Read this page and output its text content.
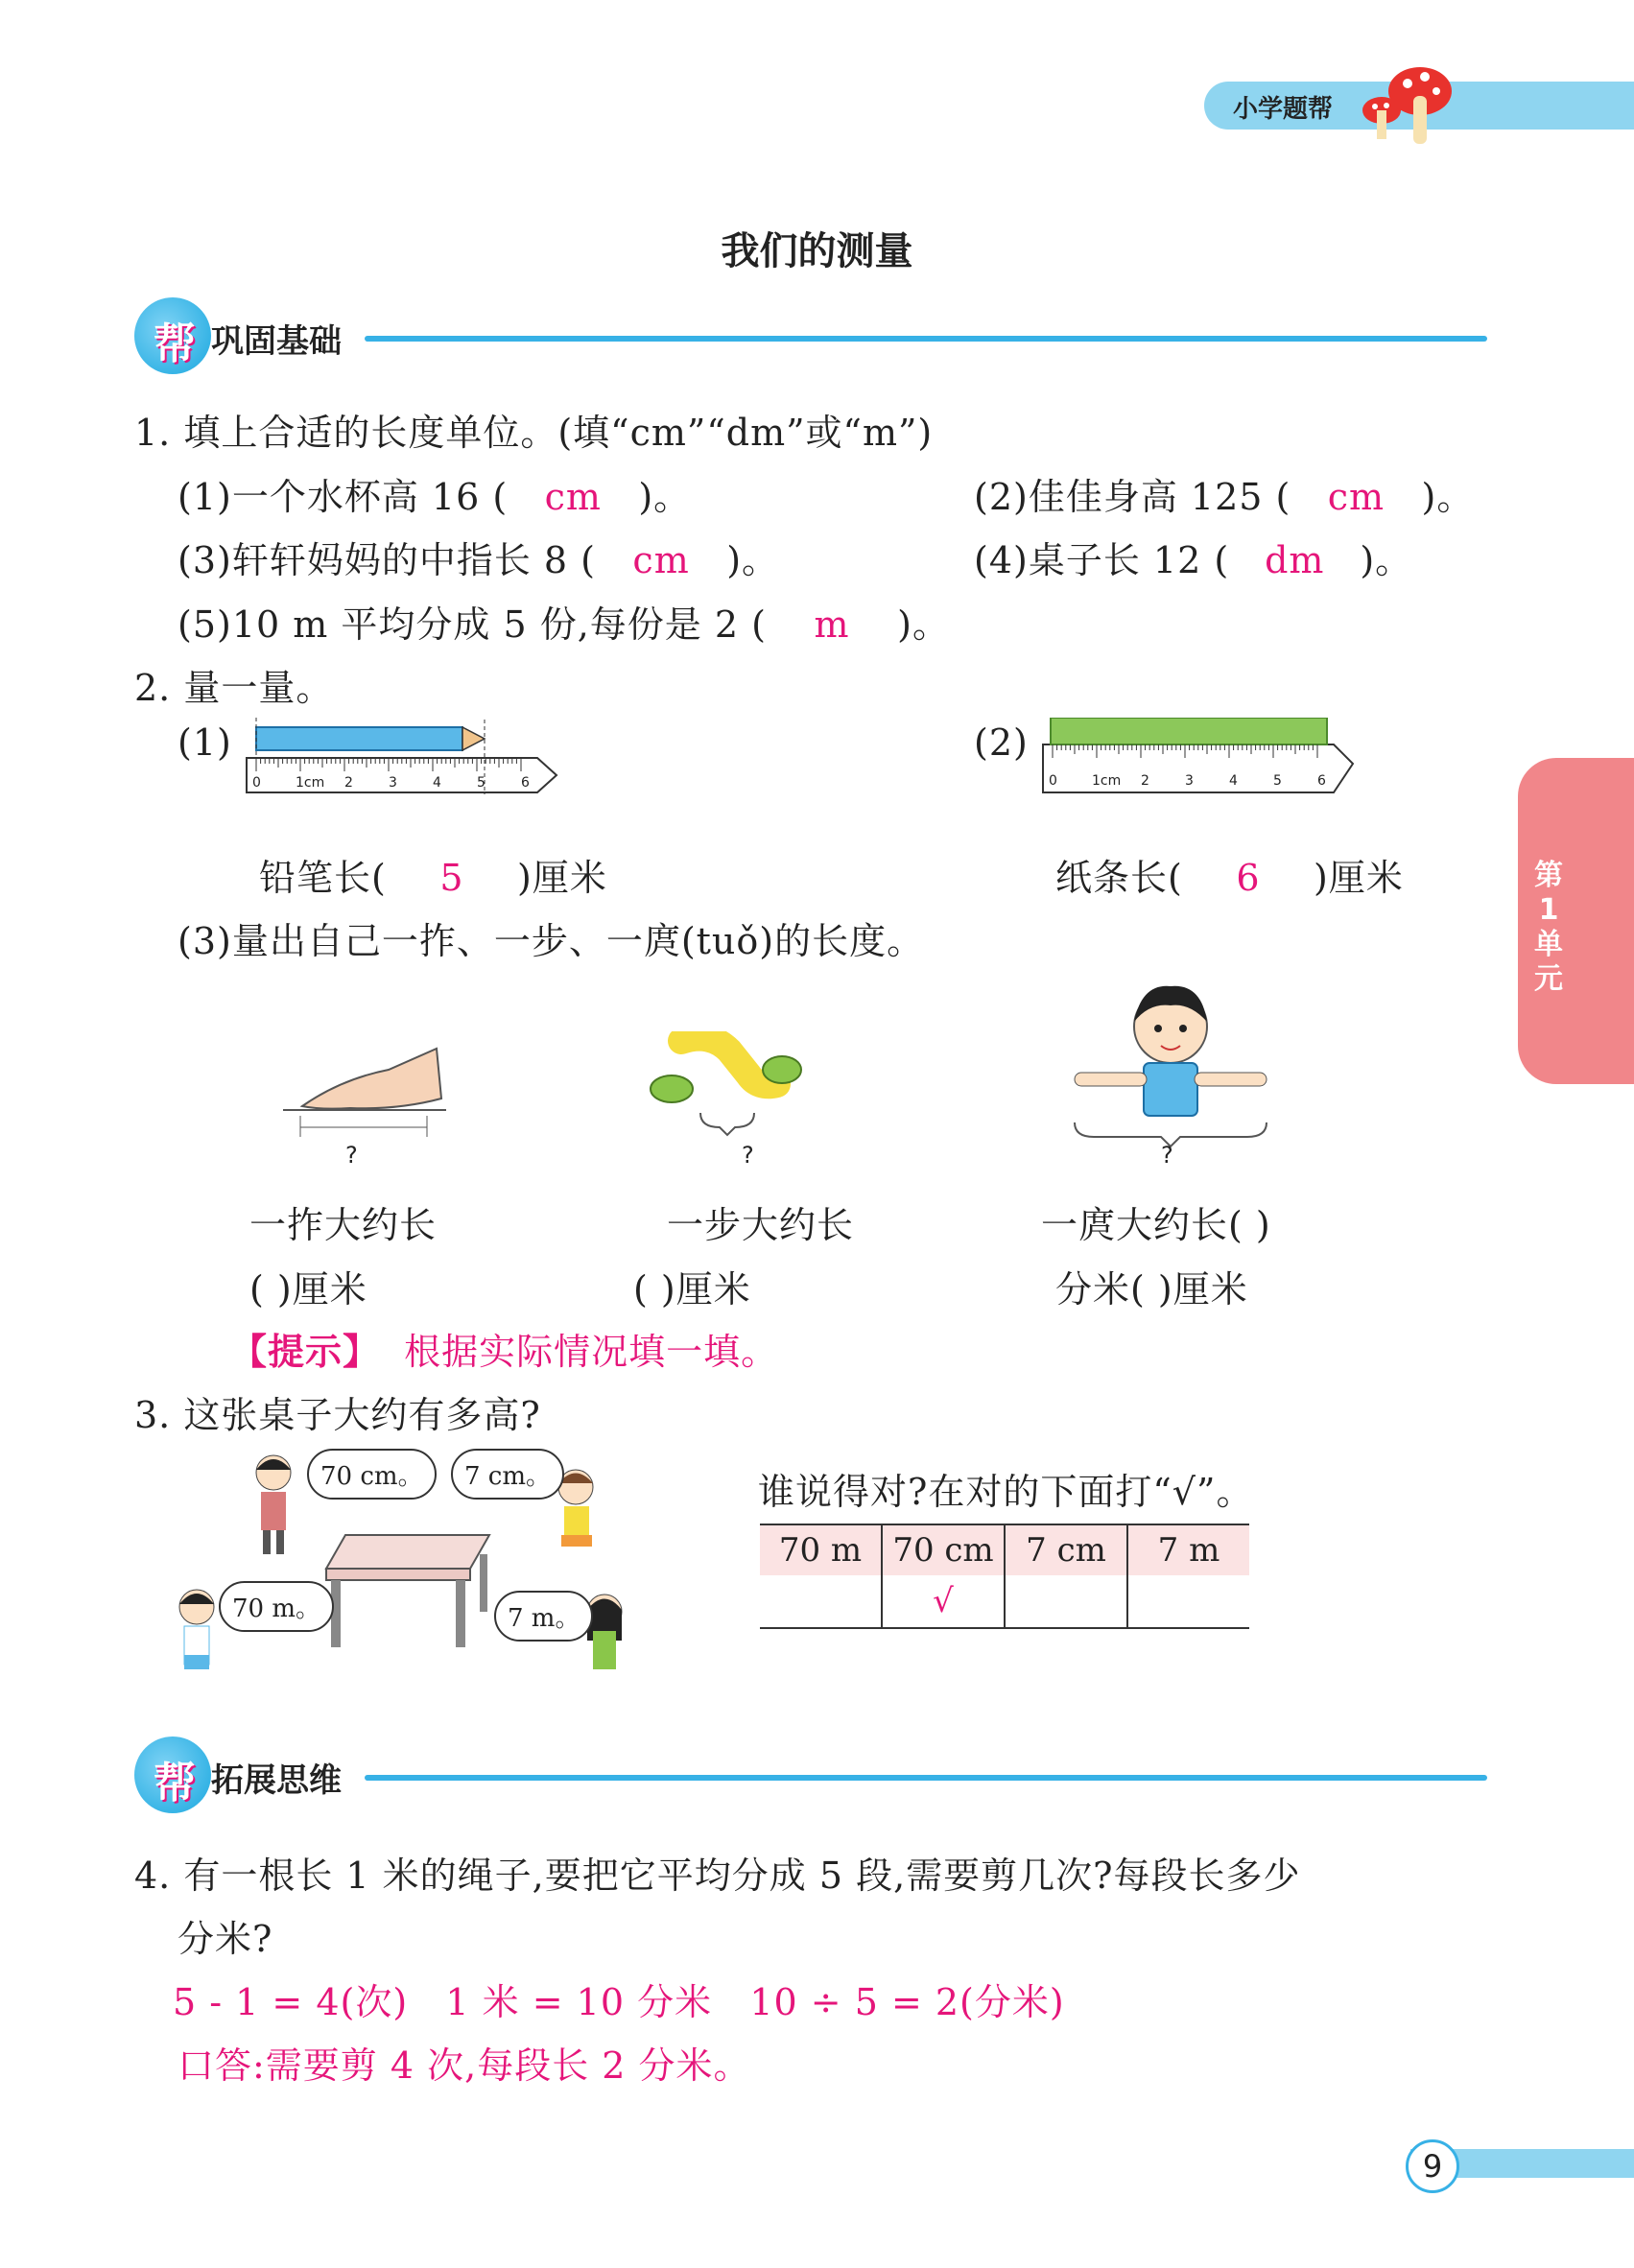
小学题帮
我们的测量
帮 巩固基础
第1单元
1. 填上合适的长度单位。(填“cm”“dm”或“m”)
(1)一个水杯高 16 ( cm )。	(2)佳佳身高 125 ( cm )。
(3)轩轩妈妈的中指长 8 ( cm )。	(4)桌子长 12 ( dm )。
(5)10 m 平均分成 5 份,每份是 2 ( m )。
2. 量一量。
(1)
0	1cm 2	3	4	5	6
(2)
0	1cm 2	3	4	5	6
铅笔长( 5 )厘米	纸条长( 6 )厘米
(3)量出自己一拃、一步、一庹(tuǒ)的长度。
?	?	?
一拃大约长
( )厘米
一步大约长
( )厘米
一庹大约长( )
分米( )厘米
【提示】 根据实际情况填一填。
3. 这张桌子大约有多高?
70 cm。	7 cm。
70 m。	7 m。
谁说得对?在对的下面打“√”。
70 m	70 cm	7 cm	7 m
	√		
帮 拓展思维
4. 有一根长 1 米的绳子,要把它平均分成 5 段,需要剪几次?每段长多少
分米?
5 - 1 = 4(次)   1 米 = 10 分米   10 ÷ 5 = 2(分米)
口答:需要剪 4 次,每段长 2 分米。
9
